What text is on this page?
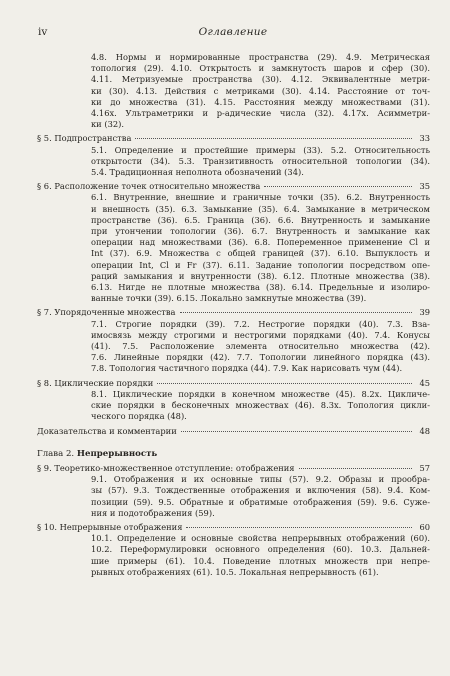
iv	Оглавление
4.8. Нормы и нормированные пространства (29). 4.9. Метрическая
топология (29). 4.10. Открытость и замкнутость шаров и сфер (30).
4.11. Метризуемые пространства (30). 4.12. Эквивалентные метри-
ки (30). 4.13. Действия с метриками (30). 4.14. Расстояние от точ-
ки до множества (31). 4.15. Расстояния между множествами (31).
4.16x. Ультраметрики и p-адические числа (32). 4.17x. Асимметри-
ки (32).
§ 5. Подпространства	33
5.1. Определение и простейшие примеры (33). 5.2. Относительность
открытости (34). 5.3. Транзитивность относительной топологии (34).
5.4. Традиционная неполнота обозначений (34).
§ 6. Расположение точек относительно множества	35
6.1. Внутренние, внешние и граничные точки (35). 6.2. Внутренность
и внешность (35). 6.3. Замыкание (35). 6.4. Замыкание в метрическом
пространстве (36). 6.5. Граница (36). 6.6. Внутренность и замыкание
при утончении топологии (36). 6.7. Внутренность и замыкание как
операции над множествами (36). 6.8. Попеременное применение Cl и
Int (37). 6.9. Множества с общей границей (37). 6.10. Выпуклость и
операции Int, Cl и Fr (37). 6.11. Задание топологии посредством опе-
раций замыкания и внутренности (38). 6.12. Плотные множества (38).
6.13. Нигде не плотные множества (38). 6.14. Предельные и изолиро-
ванные точки (39). 6.15. Локально замкнутые множества (39).
§ 7. Упорядоченные множества	39
7.1. Строгие порядки (39). 7.2. Нестрогие порядки (40). 7.3. Вза-
имосвязь между строгими и нестрогими порядками (40). 7.4. Конусы
(41). 7.5. Расположение элемента относительно множества (42).
7.6. Линейные порядки (42). 7.7. Топологии линейного порядка (43).
7.8. Топология частичного порядка (44). 7.9. Как нарисовать чум (44).
§ 8. Циклические порядки	45
8.1. Циклические порядки в конечном множестве (45). 8.2x. Цикличе-
ские порядки в бесконечных множествах (46). 8.3x. Топология цикли-
ческого порядка (48).
Доказательства и комментарии	48
Глава 2. Непрерывность
§ 9. Теоретико-множественное отступление: отображения	57
9.1. Отображения и их основные типы (57). 9.2. Образы и прообра-
зы (57). 9.3. Тождественные отображения и включения (58). 9.4. Ком-
позиции (59). 9.5. Обратные и обратимые отображения (59). 9.6. Суже-
ния и подотображения (59).
§ 10. Непрерывные отображения	60
10.1. Определение и основные свойства непрерывных отображений (60).
10.2. Переформулировки основного определения (60). 10.3. Дальней-
шие примеры (61). 10.4. Поведение плотных множеств при непре-
рывных отображениях (61). 10.5. Локальная непрерывность (61).
